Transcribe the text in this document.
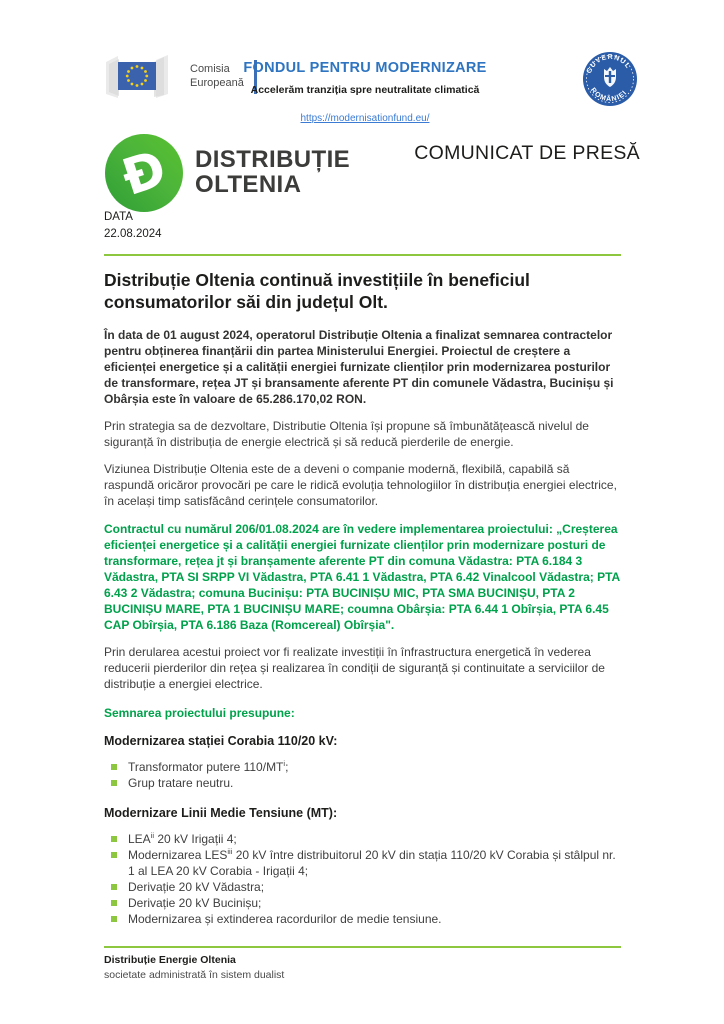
Comisia
Europeană
FONDUL PENTRU MODERNIZARE
Accelerăm tranziția spre neutralitate climatică
https://modernisationfund.eu/
GUVERNUL
ROMÂNIEI
Ɖ DISTRIBUȚIE
OLTENIA
COMUNICAT DE PRESĂ
DATA
22.08.2024
Distribuție Oltenia continuă investițiile în beneficiul consumatorilor săi din județul Olt.

În data de 01 august 2024, operatorul Distribuție Oltenia a finalizat semnarea contractelor pentru obținerea finanțării din partea Ministerului Energiei. Proiectul de creștere a eficienței energetice și a calității energiei furnizate clienților prin modernizarea posturilor de transformare, rețea JT și bransamente aferente PT din comunele Vădastra, Bucinișu și Obârșia este în valoare de 65.286.170,02 RON.

Prin strategia sa de dezvoltare, Distributie Oltenia își propune să îmbunătățească nivelul de siguranță în distribuția de energie electrică și să reducă pierderile de energie.

Viziunea Distribuție Oltenia este de a deveni o companie modernă, flexibilă, capabilă să raspundă oricăror provocări pe care le ridică evoluția tehnologiilor în distribuția energiei electrice, în același timp satisfăcând cerințele consumatorilor.

Contractul cu numărul 206/01.08.2024 are în vedere implementarea proiectului: „Creșterea eficienței energetice și a calității energiei furnizate clienților prin modernizare posturi de transformare, rețea jt și branșamente aferente PT din comuna Vădastra: PTA 6.184 3 Vădastra, PTA SI SRPP VI Vădastra, PTA 6.41 1 Vădastra, PTA 6.42 Vinalcool Vădastra; PTA 6.43 2 Vădastra; comuna Bucinișu: PTA BUCINIȘU MIC, PTA SMA BUCINIȘU, PTA 2 BUCINIȘU MARE, PTA 1 BUCINIȘU MARE; coumna Obârșia: PTA 6.44 1 Obîrșia, PTA 6.45 CAP Obîrșia, PTA 6.186 Baza (Romcereal) Obîrșia".

Prin derularea acestui proiect vor fi realizate investiții în înfrastructura energetică în vederea reducerii pierderilor din rețea și realizarea în condiții de siguranță și continuitate a serviciilor de distribuție a energiei electrice.

Semnarea proiectului presupune:
Modernizarea stației Corabia 110/20 kV:
Transformator putere $110/MT^i$;
Grup tratare neutru.
Modernizare Linii Medie Tensiune (MT):
LEA$^{ii}$ 20 kV Irigații 4;
Modernizarea LES$^{iii}$ 20 kV între distribuitorul 20 kV din stația 110/20 kV Corabia și stâlpul nr. 1 al LEA 20 kV Corabia - Irigații 4;
Derivație 20 kV Vădastra;
Derivație 20 kV Bucinișu;
Modernizarea și extinderea racordurilor de medie tensiune.
Distribuție Energie Oltenia
societate administrată în sistem dualist
